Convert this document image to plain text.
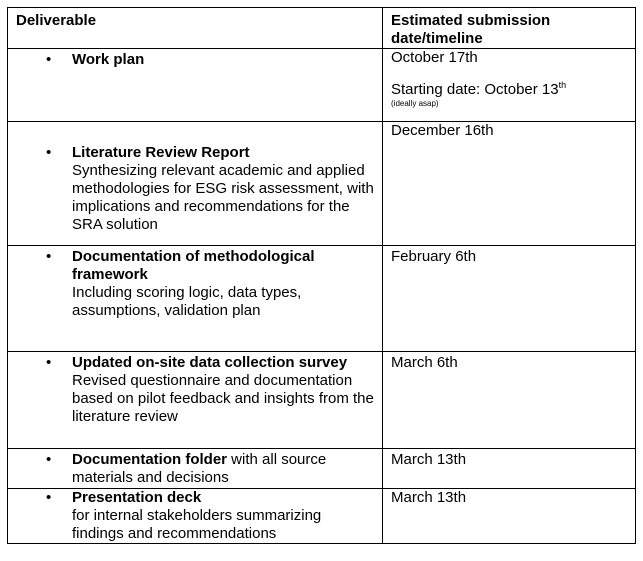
Deliverable	Estimated submission date/timeline

• Work plan	October 17th
Starting date: October 13th
(ideally asap)

• Literature Review Report
Synthesizing relevant academic and applied methodologies for ESG risk assessment, with implications and recommendations for the SRA solution	December 16th

• Documentation of methodological framework
Including scoring logic, data types, assumptions, validation plan	February 6th

• Updated on-site data collection survey
Revised questionnaire and documentation based on pilot feedback and insights from the literature review	March 6th

• Documentation folder with all source materials and decisions	March 13th

• Presentation deck
for internal stakeholders summarizing findings and recommendations	March 13th
